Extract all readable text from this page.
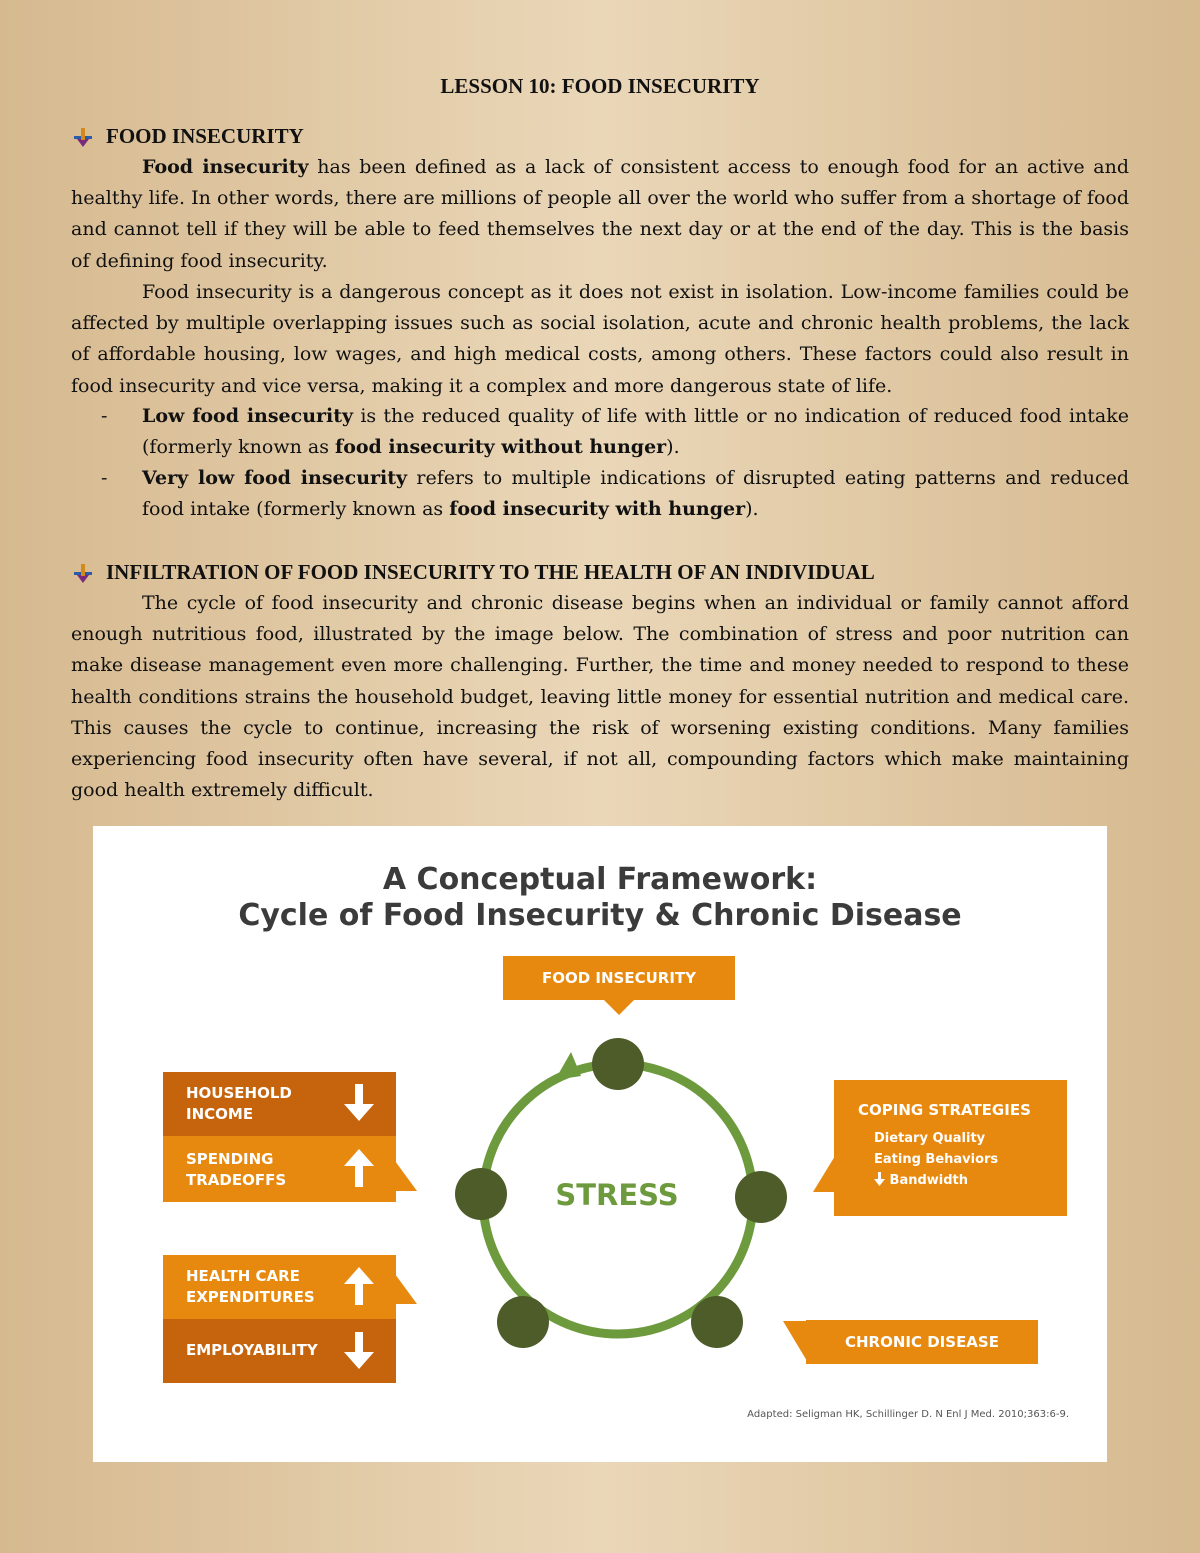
LESSON 10: FOOD INSECURITY
FOOD INSECURITY

Food insecurity has been defined as a lack of consistent access to enough food for an active and healthy life. In other words, there are millions of people all over the world who suffer from a shortage of food and cannot tell if they will be able to feed themselves the next day or at the end of the day. This is the basis of defining food insecurity.

Food insecurity is a dangerous concept as it does not exist in isolation. Low-income families could be affected by multiple overlapping issues such as social isolation, acute and chronic health problems, the lack of affordable housing, low wages, and high medical costs, among others. These factors could also result in food insecurity and vice versa, making it a complex and more dangerous state of life.

-	Low food insecurity is the reduced quality of life with little or no indication of reduced food intake (formerly known as food insecurity without hunger).
-	Very low food insecurity refers to multiple indications of disrupted eating patterns and reduced food intake (formerly known as food insecurity with hunger).
INFILTRATION OF FOOD INSECURITY TO THE HEALTH OF AN INDIVIDUAL

The cycle of food insecurity and chronic disease begins when an individual or family cannot afford enough nutritious food, illustrated by the image below. The combination of stress and poor nutrition can make disease management even more challenging. Further, the time and money needed to respond to these health conditions strains the household budget, leaving little money for essential nutrition and medical care. This causes the cycle to continue, increasing the risk of worsening existing conditions. Many families experiencing food insecurity often have several, if not all, compounding factors which make maintaining good health extremely difficult.

A Conceptual Framework:
Cycle of Food Insecurity & Chronic Disease
FOOD INSECURITY
STRESS
HOUSEHOLD
INCOME
SPENDING
TRADEOFFS
HEALTH CARE
EXPENDITURES
EMPLOYABILITY
COPING STRATEGIES
Dietary Quality
Eating Behaviors
Bandwidth
CHRONIC DISEASE
Adapted: Seligman HK, Schillinger D. N Enl J Med. 2010;363:6-9.
